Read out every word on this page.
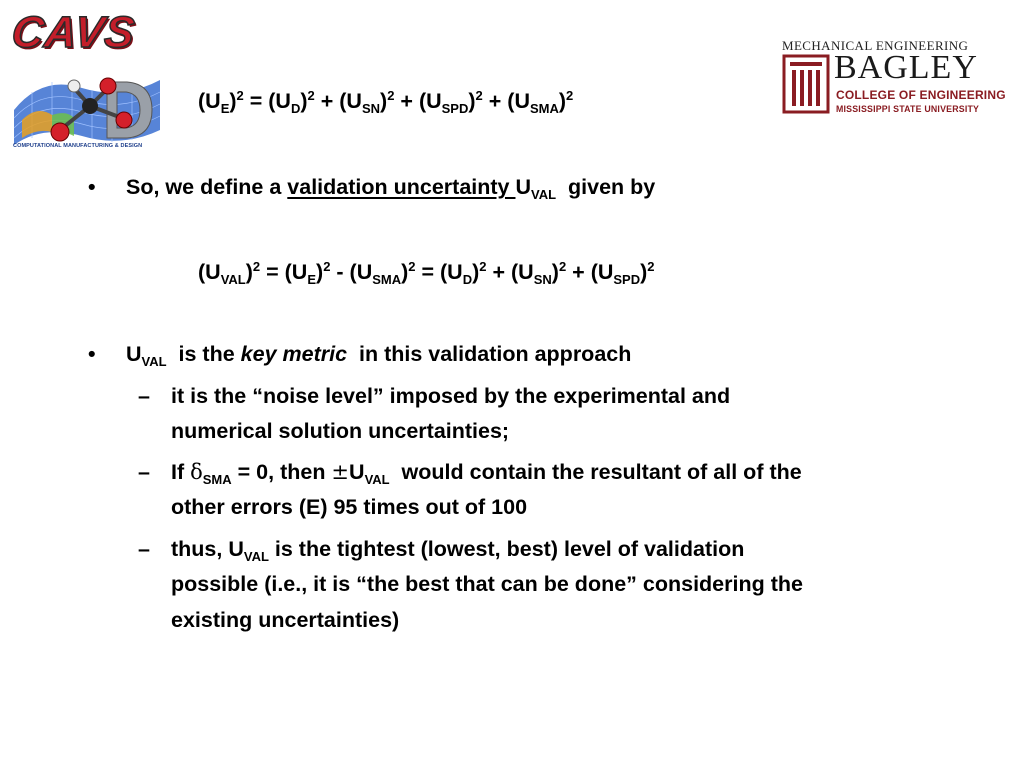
CAVS
COMPUTATIONAL MANUFACTURING & DESIGN
MECHANICAL ENGINEERING
BAGLEY
COLLEGE OF ENGINEERING
MISSISSIPPI STATE UNIVERSITY
$(U_E)^2 = (U_D)^2 + (U_{SN})^2 + (U_{SPD})^2 + (U_{SMA})^2$
• So, we define a validation uncertainty $U_{VAL}$  given by
$(U_{VAL})^2 = (U_E)^2 - (U_{SMA})^2 = (U_D)^2 + (U_{SN})^2 + (U_{SPD})^2$
• $U_{VAL}$  is the key metric  in this validation approach
– it is the “noise level” imposed by the experimental and
numerical solution uncertainties;
– If $\delta_{SMA} = 0$, then $\pm U_{VAL}$  would contain the resultant of all of the
other errors (E) 95 times out of 100
– thus, $U_{VAL}$ is the tightest (lowest, best) level of validation
possible (i.e., it is “the best that can be done” considering the
existing uncertainties)
